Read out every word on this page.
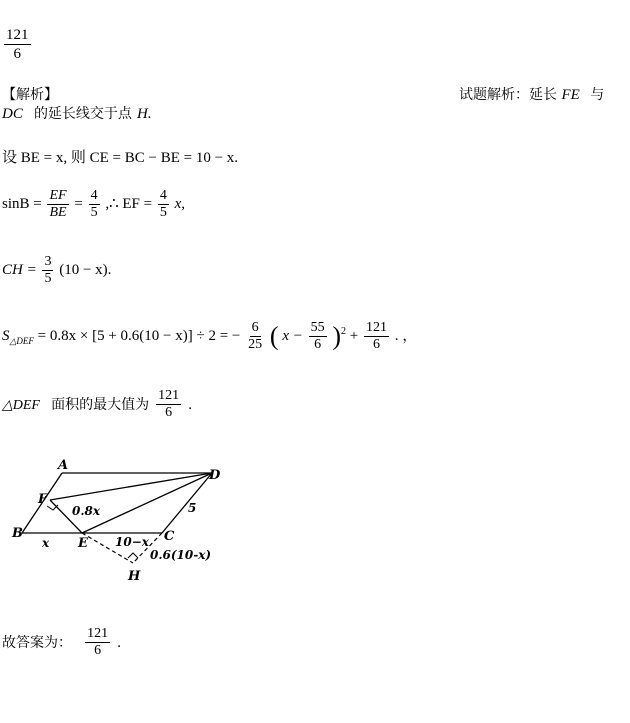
$\frac{121}{6}$
【解析】	试题解析：延长 FE 与
DC 的延长线交于点 H.
设 BE = x, 则 CE = BC − BE = 10 − x.
$\sin B = \frac{EF}{BE} = \frac{4}{5}$ ,∴ EF = $\frac{4}{5} x$,
CH = $\frac{3}{5} (10 - x)$.
$S_{\triangle DEF} = 0.8x \times [5 + 0.6(10 - x)] \div 2$ = − $\frac{6}{25}$ ( $x - \frac{55}{6} )^2 + \frac{121}{6}$ . ，
△DEF 面积的最大值为 $\frac{121}{6}$ .
A
D
F
B
E	C
H
0.8x	5
x	10−x
0.6(10-x)
故答案为： $\frac{121}{6}$ .
